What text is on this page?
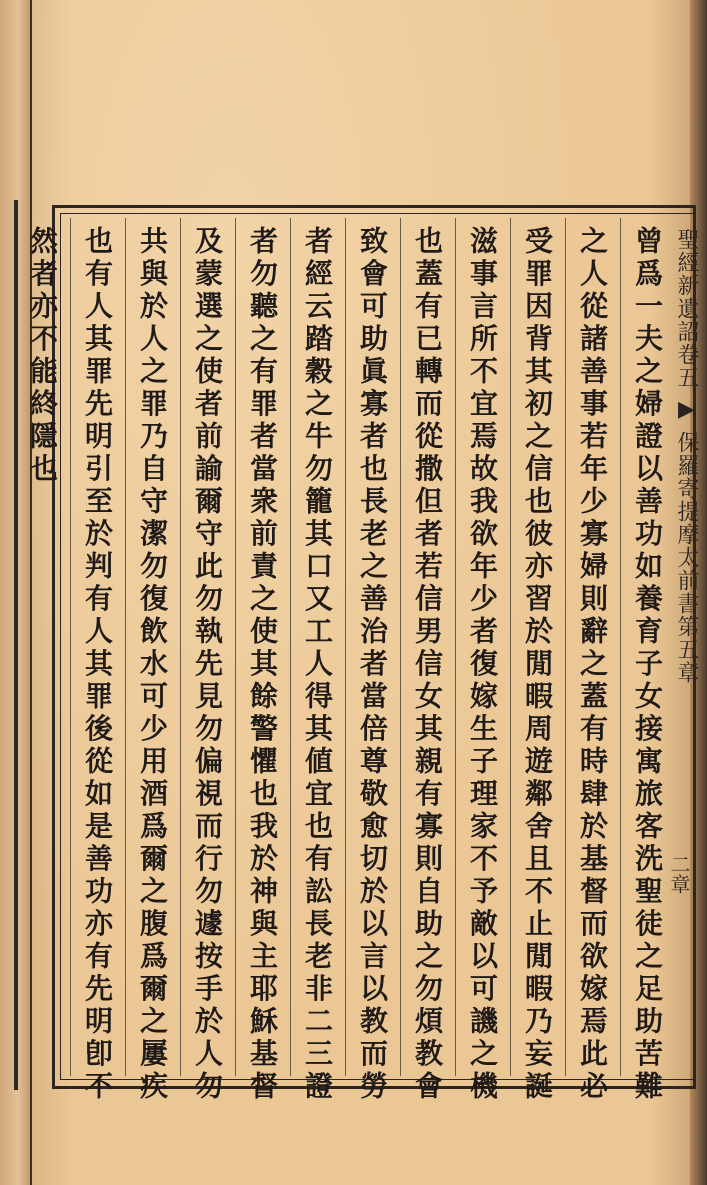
聖經新遺詔卷五 ▶ 保羅寄提摩太前書第五章
曾爲一夫之婦證以善功如養育子女接寓旅客洗聖徒之足助苦難
之人從諸善事若年少寡婦則辭之蓋有時肆於基督而欲嫁焉此必
受罪因背其初之信也彼亦習於閒暇周遊鄰舍且不止閒暇乃妄誕
滋事言所不宜焉故我欲年少者復嫁生子理家不予敵以可譏之機
也蓋有已轉而從撒但者若信男信女其親有寡則自助之勿煩教會
致會可助眞寡者也長老之善治者當倍尊敬愈切於以言以教而勞
者經云踏穀之牛勿籠其口又工人得其値宜也有訟長老非二三證
者勿聽之有罪者當衆前責之使其餘警懼也我於神與主耶穌基督
及蒙選之使者前諭爾守此勿執先見勿偏視而行勿遽按手於人勿
共與於人之罪乃自守潔勿復飲水可少用酒爲爾之腹爲爾之屢疾
也有人其罪先明引至於判有人其罪後從如是善功亦有先明卽不
然者亦不能終隱也
二章
